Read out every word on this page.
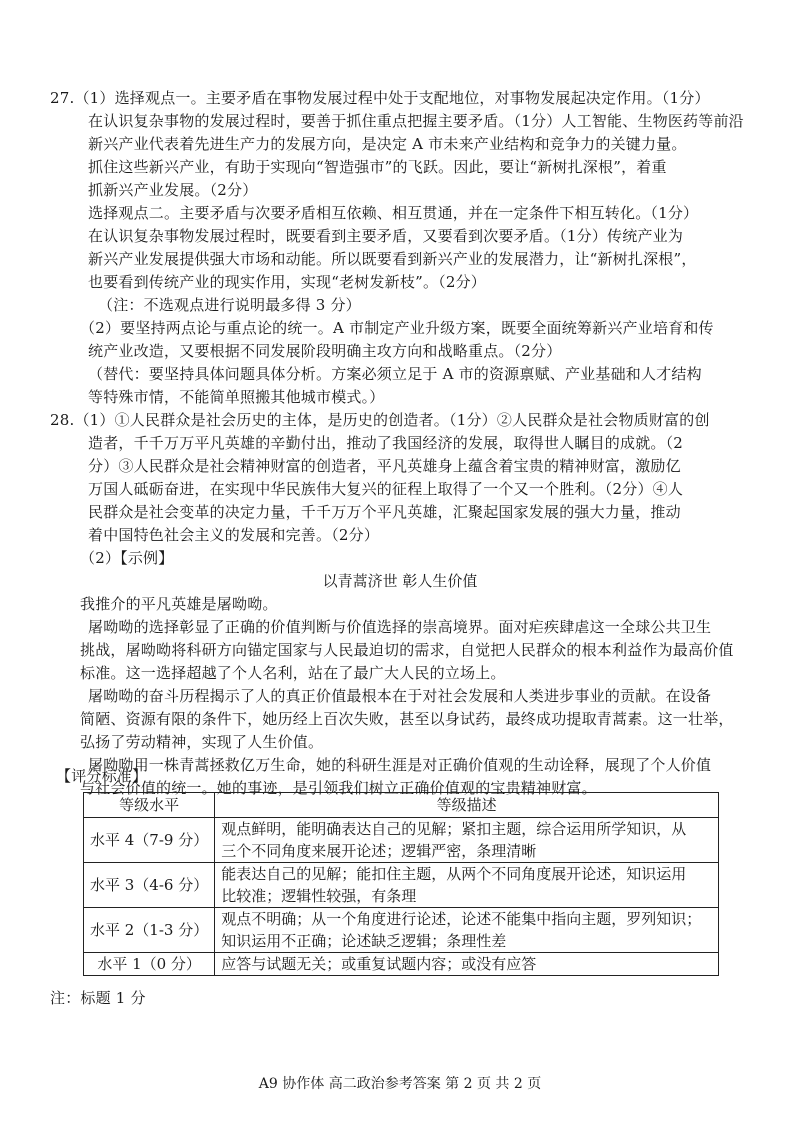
27.（1）选择观点一。主要矛盾在事物发展过程中处于支配地位，对事物发展起决定作用。（1分）
在认识复杂事物的发展过程时，要善于抓住重点把握主要矛盾。（1分）人工智能、生物医药等前沿
新兴产业代表着先进生产力的发展方向，是决定 A 市未来产业结构和竞争力的关键力量。
抓住这些新兴产业，有助于实现向“智造强市”的飞跃。因此，要让“新树扎深根”，着重
抓新兴产业发展。（2分）
选择观点二。主要矛盾与次要矛盾相互依赖、相互贯通，并在一定条件下相互转化。（1分）
在认识复杂事物发展过程时，既要看到主要矛盾，又要看到次要矛盾。（1分）传统产业为
新兴产业发展提供强大市场和动能。所以既要看到新兴产业的发展潜力，让“新树扎深根”，
也要看到传统产业的现实作用，实现“老树发新枝”。（2分）
（注：不选观点进行说明最多得 3 分）
（2）要坚持两点论与重点论的统一。A 市制定产业升级方案，既要全面统筹新兴产业培育和传
统产业改造，又要根据不同发展阶段明确主攻方向和战略重点。（2分）
（替代：要坚持具体问题具体分析。方案必须立足于 A 市的资源禀赋、产业基础和人才结构
等特殊市情，不能简单照搬其他城市模式。）
28.（1）①人民群众是社会历史的主体，是历史的创造者。（1分）②人民群众是社会物质财富的创
造者，千千万万平凡英雄的辛勤付出，推动了我国经济的发展，取得世人瞩目的成就。（2
分）③人民群众是社会精神财富的创造者，平凡英雄身上蕴含着宝贵的精神财富，激励亿
万国人砥砺奋进，在实现中华民族伟大复兴的征程上取得了一个又一个胜利。（2分）④人
民群众是社会变革的决定力量，千千万万个平凡英雄，汇聚起国家发展的强大力量，推动
着中国特色社会主义的发展和完善。（2分）
（2）【示例】
以青蒿济世 彰人生价值
我推介的平凡英雄是屠呦呦。
屠呦呦的选择彰显了正确的价值判断与价值选择的崇高境界。面对疟疾肆虐这一全球公共卫生
挑战，屠呦呦将科研方向锚定国家与人民最迫切的需求，自觉把人民群众的根本利益作为最高价值
标准。这一选择超越了个人名利，站在了最广大人民的立场上。
屠呦呦的奋斗历程揭示了人的真正价值最根本在于对社会发展和人类进步事业的贡献。在设备
简陋、资源有限的条件下，她历经上百次失败，甚至以身试药，最终成功提取青蒿素。这一壮举，
弘扬了劳动精神，实现了人生价值。
屠呦呦用一株青蒿拯救亿万生命，她的科研生涯是对正确价值观的生动诠释，展现了个人价值
与社会价值的统一。她的事迹，是引领我们树立正确价值观的宝贵精神财富。
【评分标准】
等级水平	等级描述
水平 4（7-9 分）	观点鲜明，能明确表达自己的见解；紧扣主题，综合运用所学知识，从
三个不同角度来展开论述；逻辑严密，条理清晰

水平 3（4-6 分）	能表达自己的见解；能扣住主题，从两个不同角度展开论述，知识运用
比较准；逻辑性较强，有条理

水平 2（1-3 分）	观点不明确；从一个角度进行论述，论述不能集中指向主题，罗列知识；
知识运用不正确；论述缺乏逻辑；条理性差

水平 1（0 分）	应答与试题无关；或重复试题内容；或没有应答
注：标题 1 分
A9 协作体 高二政治参考答案 第 2 页 共 2 页
